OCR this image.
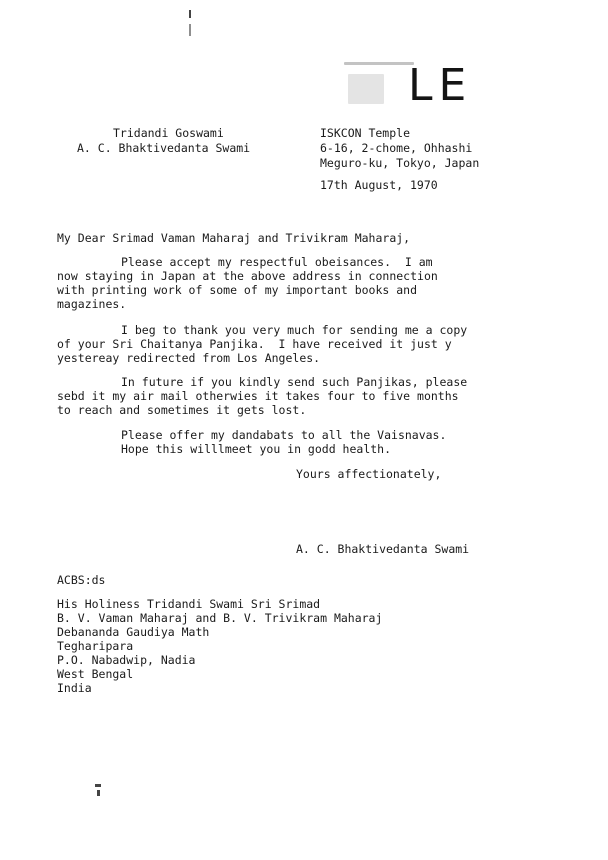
LE
Tridandi Goswami
A. C. Bhaktivedanta Swami
ISKCON Temple
6-16, 2-chome, Ohhashi
Meguro-ku, Tokyo, Japan
17th August, 1970
My Dear Srimad Vaman Maharaj and Trivikram Maharaj,
Please accept my respectful obeisances.  I am
now staying in Japan at the above address in connection
with printing work of some of my important books and
magazines.
I beg to thank you very much for sending me a copy
of your Sri Chaitanya Panjika.  I have received it just y
yestereay redirected from Los Angeles.
In future if you kindly send such Panjikas, please
sebd it my air mail otherwies it takes four to five months
to reach and sometimes it gets lost.
Please offer my dandabats to all the Vaisnavas.
Hope this willlmeet you in godd health.
Yours affectionately,
A. C. Bhaktivedanta Swami
ACBS:ds
His Holiness Tridandi Swami Sri Srimad
B. V. Vaman Maharaj and B. V. Trivikram Maharaj
Debananda Gaudiya Math
Tegharipara
P.O. Nabadwip, Nadia
West Bengal
India
